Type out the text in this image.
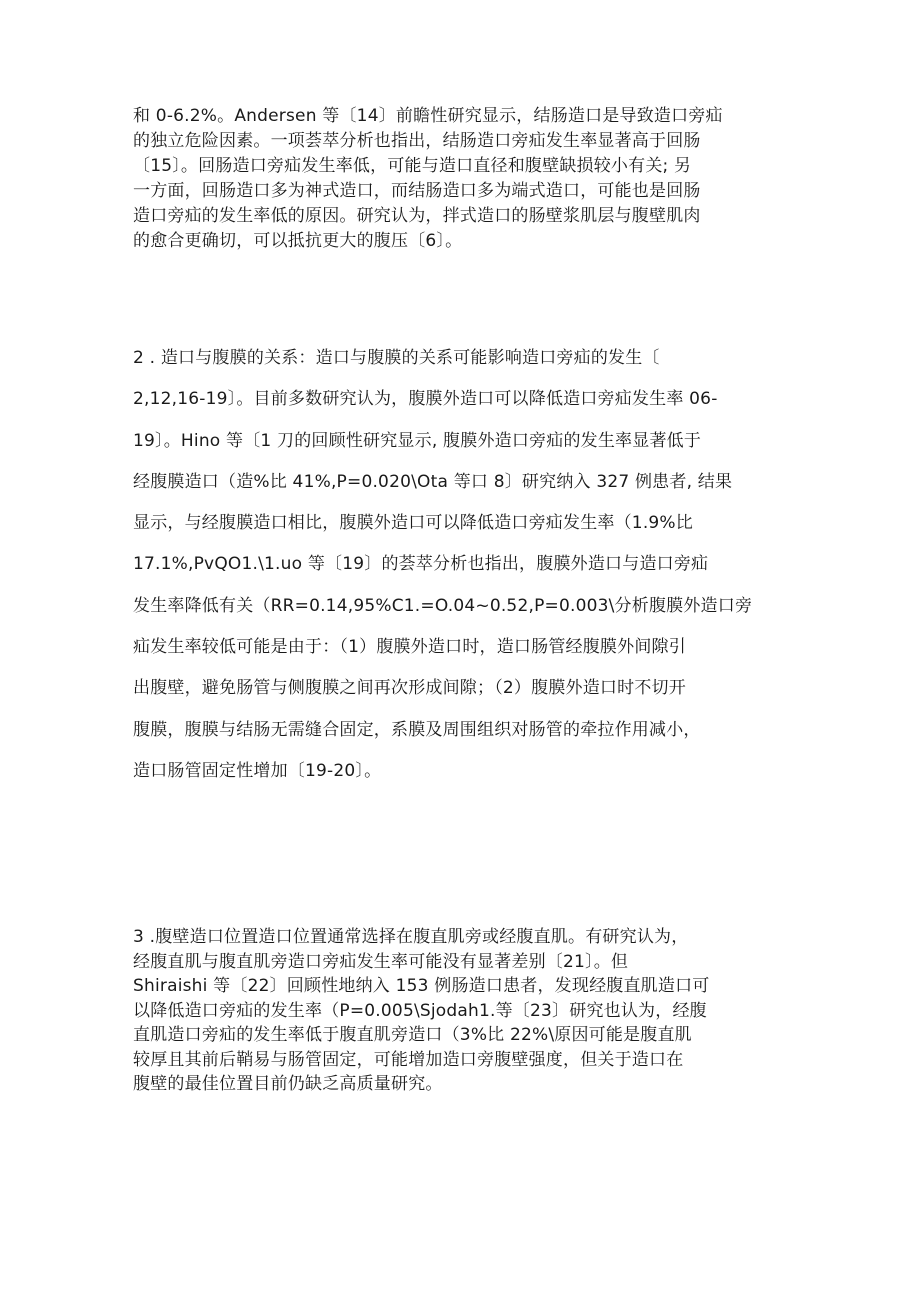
和 0-6.2%。Andersen 等〔14〕前瞻性研究显示，结肠造口是导致造口旁疝
的独立危险因素。一项荟萃分析也指出，结肠造口旁疝发生率显著高于回肠
〔15〕。回肠造口旁疝发生率低，可能与造口直径和腹壁缺损较小有关; 另
一方面，回肠造口多为神式造口，而结肠造口多为端式造口，可能也是回肠
造口旁疝的发生率低的原因。研究认为，拌式造口的肠壁浆肌层与腹壁肌肉
的愈合更确切，可以抵抗更大的腹压〔6〕。

2 . 造口与腹膜的关系：造口与腹膜的关系可能影响造口旁疝的发生〔
2,12,16-19〕。目前多数研究认为，腹膜外造口可以降低造口旁疝发生率 06-
19〕。Hino 等〔1 刀的回顾性研究显示, 腹膜外造口旁疝的发生率显著低于
经腹膜造口（造%比 41%,P=0.020\Ota 等口 8〕研究纳入 327 例患者, 结果
显示，与经腹膜造口相比，腹膜外造口可以降低造口旁疝发生率（1.9%比
17.1%,PvQO1.\1.uo 等〔19〕的荟萃分析也指出，腹膜外造口与造口旁疝
发生率降低有关（RR=0.14,95%C1.=O.04~0.52,P=0.003\分析腹膜外造口旁
疝发生率较低可能是由于：（1）腹膜外造口时，造口肠管经腹膜外间隙引
出腹壁，避免肠管与侧腹膜之间再次形成间隙；（2）腹膜外造口时不切开
腹膜，腹膜与结肠无需缝合固定，系膜及周围组织对肠管的牵拉作用减小，
造口肠管固定性增加〔19-20〕。

3 .腹壁造口位置造口位置通常选择在腹直肌旁或经腹直肌。有研究认为，
经腹直肌与腹直肌旁造口旁疝发生率可能没有显著差别〔21〕。但
Shiraishi 等〔22〕回顾性地纳入 153 例肠造口患者，发现经腹直肌造口可
以降低造口旁疝的发生率（P=0.005\Sjodah1.等〔23〕研究也认为，经腹
直肌造口旁疝的发生率低于腹直肌旁造口（3%比 22%\原因可能是腹直肌
较厚且其前后鞘易与肠管固定，可能增加造口旁腹壁强度，但关于造口在
腹壁的最佳位置目前仍缺乏高质量研究。
